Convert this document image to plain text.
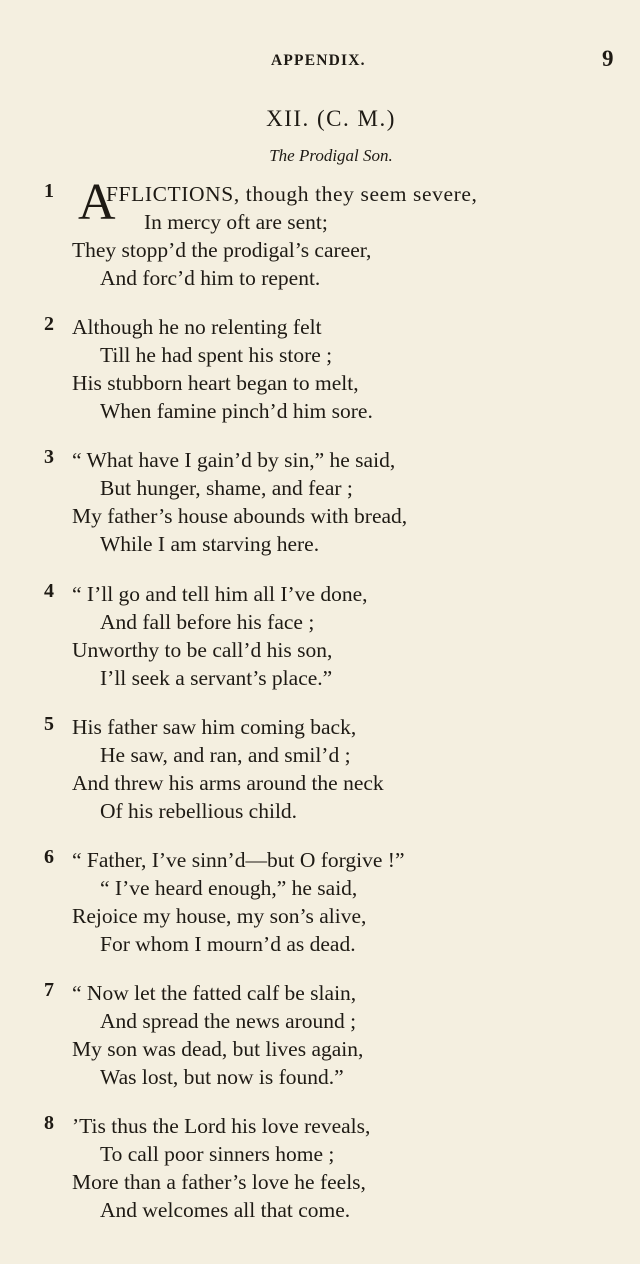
APPENDIX.	9
XII. (C. M.)
The Prodigal Son.
1 A
FFLICTIONS, though they seem severe,
In mercy oft are sent;
They stopp’d the prodigal’s career,
And forc’d him to repent.
2 Although he no relenting felt
Till he had spent his store ;
His stubborn heart began to melt,
When famine pinch’d him sore.
3 “ What have I gain’d by sin,” he said,
But hunger, shame, and fear ;
My father’s house abounds with bread,
While I am starving here.
4 “ I’ll go and tell him all I’ve done,
And fall before his face ;
Unworthy to be call’d his son,
I’ll seek a servant’s place.”
5 His father saw him coming back,
He saw, and ran, and smil’d ;
And threw his arms around the neck
Of his rebellious child.
6 “ Father, I’ve sinn’d—but O forgive !”
“ I’ve heard enough,” he said,
Rejoice my house, my son’s alive,
For whom I mourn’d as dead.
7 “ Now let the fatted calf be slain,
And spread the news around ;
My son was dead, but lives again,
Was lost, but now is found.”
8 ’Tis thus the Lord his love reveals,
To call poor sinners home ;
More than a father’s love he feels,
And welcomes all that come.
